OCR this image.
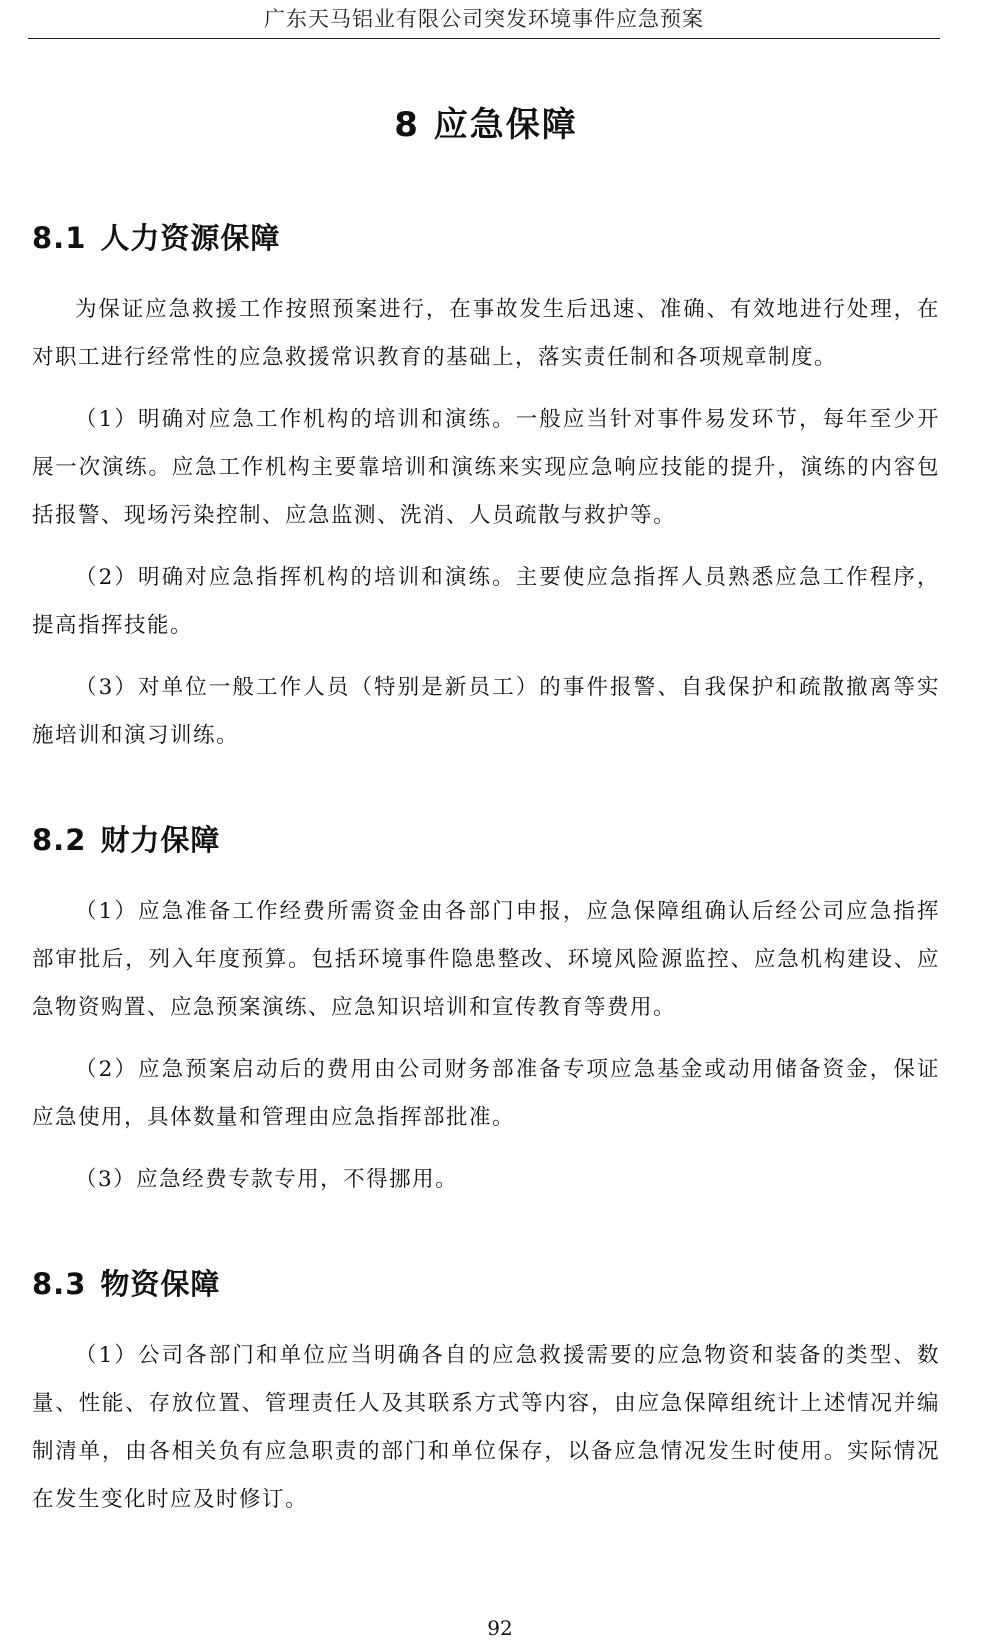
广东天马铝业有限公司突发环境事件应急预案
8 应急保障
8.1 人力资源保障

为保证应急救援工作按照预案进行，在事故发生后迅速、准确、有效地进行处理，在对职工进行经常性的应急救援常识教育的基础上，落实责任制和各项规章制度。

（1）明确对应急工作机构的培训和演练。一般应当针对事件易发环节，每年至少开展一次演练。应急工作机构主要靠培训和演练来实现应急响应技能的提升，演练的内容包括报警、现场污染控制、应急监测、洗消、人员疏散与救护等。

（2）明确对应急指挥机构的培训和演练。主要使应急指挥人员熟悉应急工作程序，提高指挥技能。

（3）对单位一般工作人员（特别是新员工）的事件报警、自我保护和疏散撤离等实施培训和演习训练。

8.2 财力保障

（1）应急准备工作经费所需资金由各部门申报，应急保障组确认后经公司应急指挥部审批后，列入年度预算。包括环境事件隐患整改、环境风险源监控、应急机构建设、应急物资购置、应急预案演练、应急知识培训和宣传教育等费用。

（2）应急预案启动后的费用由公司财务部准备专项应急基金或动用储备资金，保证应急使用，具体数量和管理由应急指挥部批准。

（3）应急经费专款专用，不得挪用。

8.3 物资保障

（1）公司各部门和单位应当明确各自的应急救援需要的应急物资和装备的类型、数量、性能、存放位置、管理责任人及其联系方式等内容，由应急保障组统计上述情况并编制清单，由各相关负有应急职责的部门和单位保存，以备应急情况发生时使用。实际情况在发生变化时应及时修订。

92
